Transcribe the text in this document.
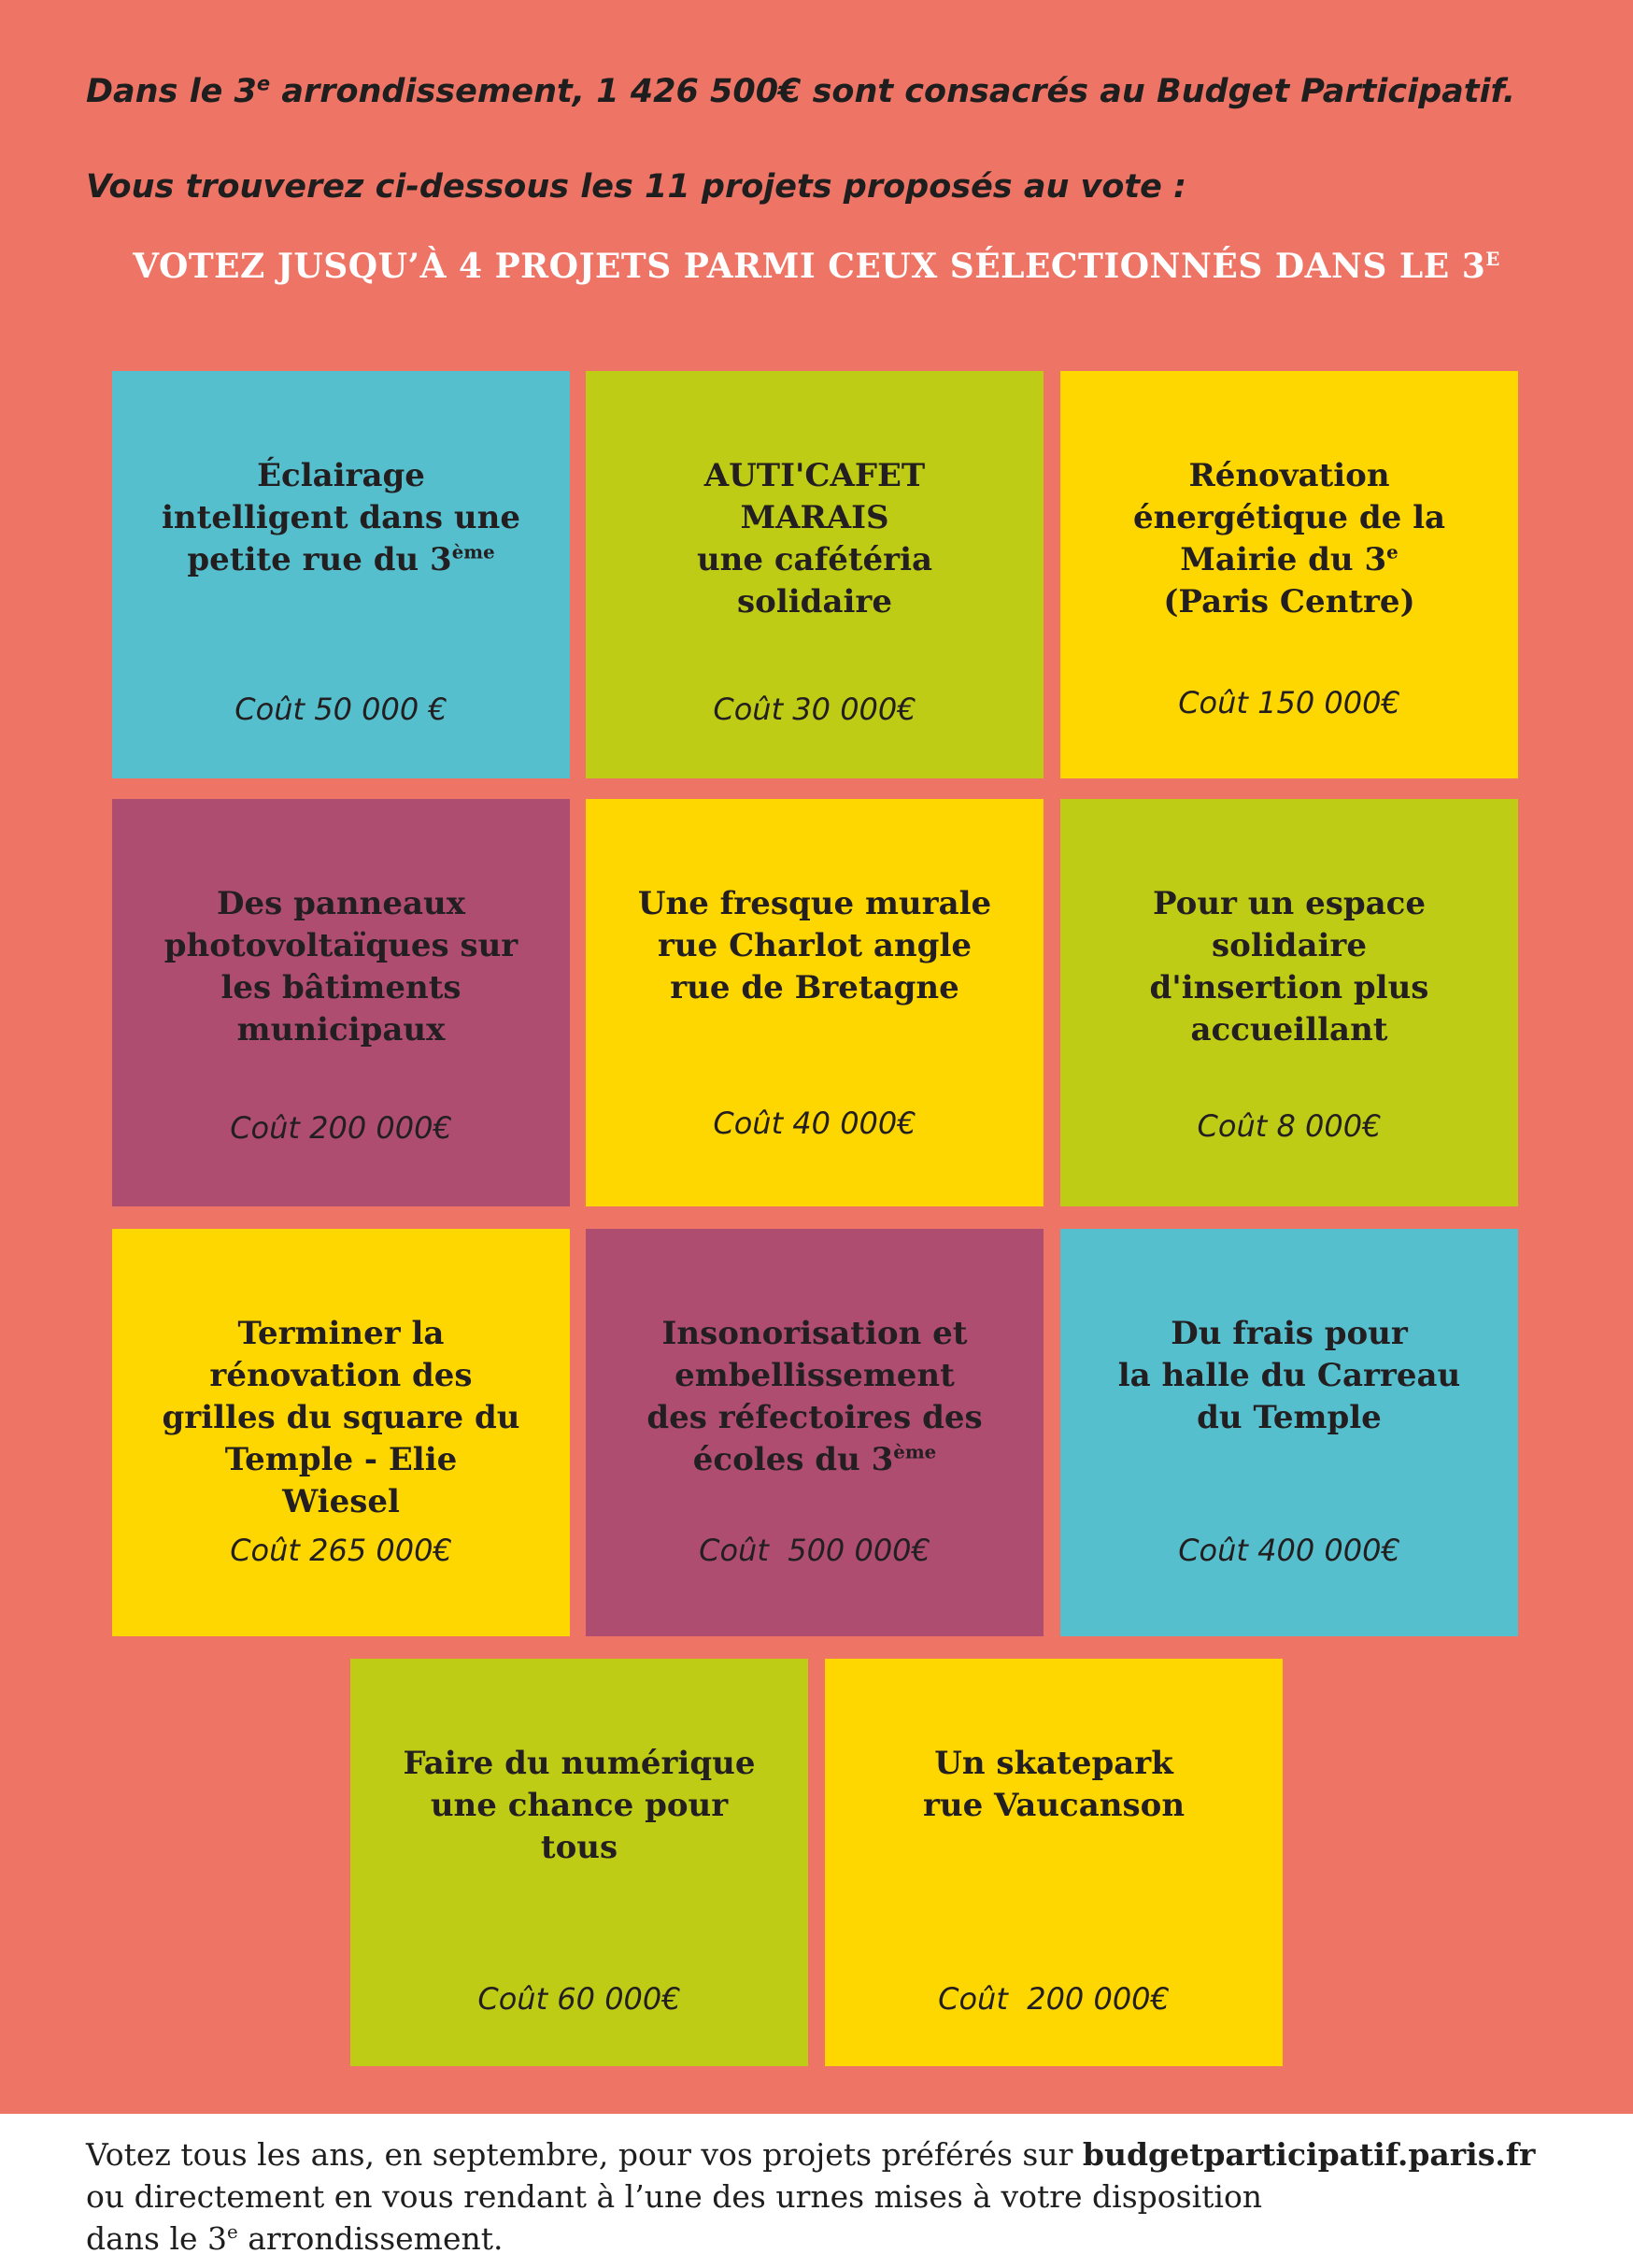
Dans le 3e arrondissement, 1 426 500€ sont consacrés au Budget Participatif.
Vous trouverez ci-dessous les 11 projets proposés au vote :
VOTEZ JUSQU’À 4 PROJETS PARMI CEUX SÉLECTIONNÉS DANS LE $3^E$
Éclairage
intelligent dans une
petite rue du 3ème
Coût 50 000 €
AUTI'CAFET
MARAIS
une cafétéria
solidaire
Coût 30 000€
Rénovation
énergétique de la
Mairie du 3e
(Paris Centre)
Coût 150 000€
Des panneaux
photovoltaïques sur
les bâtiments
municipaux
Coût 200 000€
Une fresque murale
rue Charlot angle
rue de Bretagne
Coût 40 000€
Pour un espace
solidaire
d'insertion plus
accueillant
Coût 8 000€
Terminer la
rénovation des
grilles du square du
Temple - Elie
Wiesel
Coût 265 000€
Insonorisation et
embellissement
des réfectoires des
écoles du 3ème
Coût  500 000€
Du frais pour
la halle du Carreau
du Temple
Coût 400 000€
Faire du numérique
une chance pour
tous
Coût 60 000€
Un skatepark
rue Vaucanson
Coût  200 000€

Votez tous les ans, en septembre, pour vos projets préférés sur budgetparticipatif.paris.fr

ou directement en vous rendant à l’une des urnes mises à votre disposition

dans le 3e arrondissement.
